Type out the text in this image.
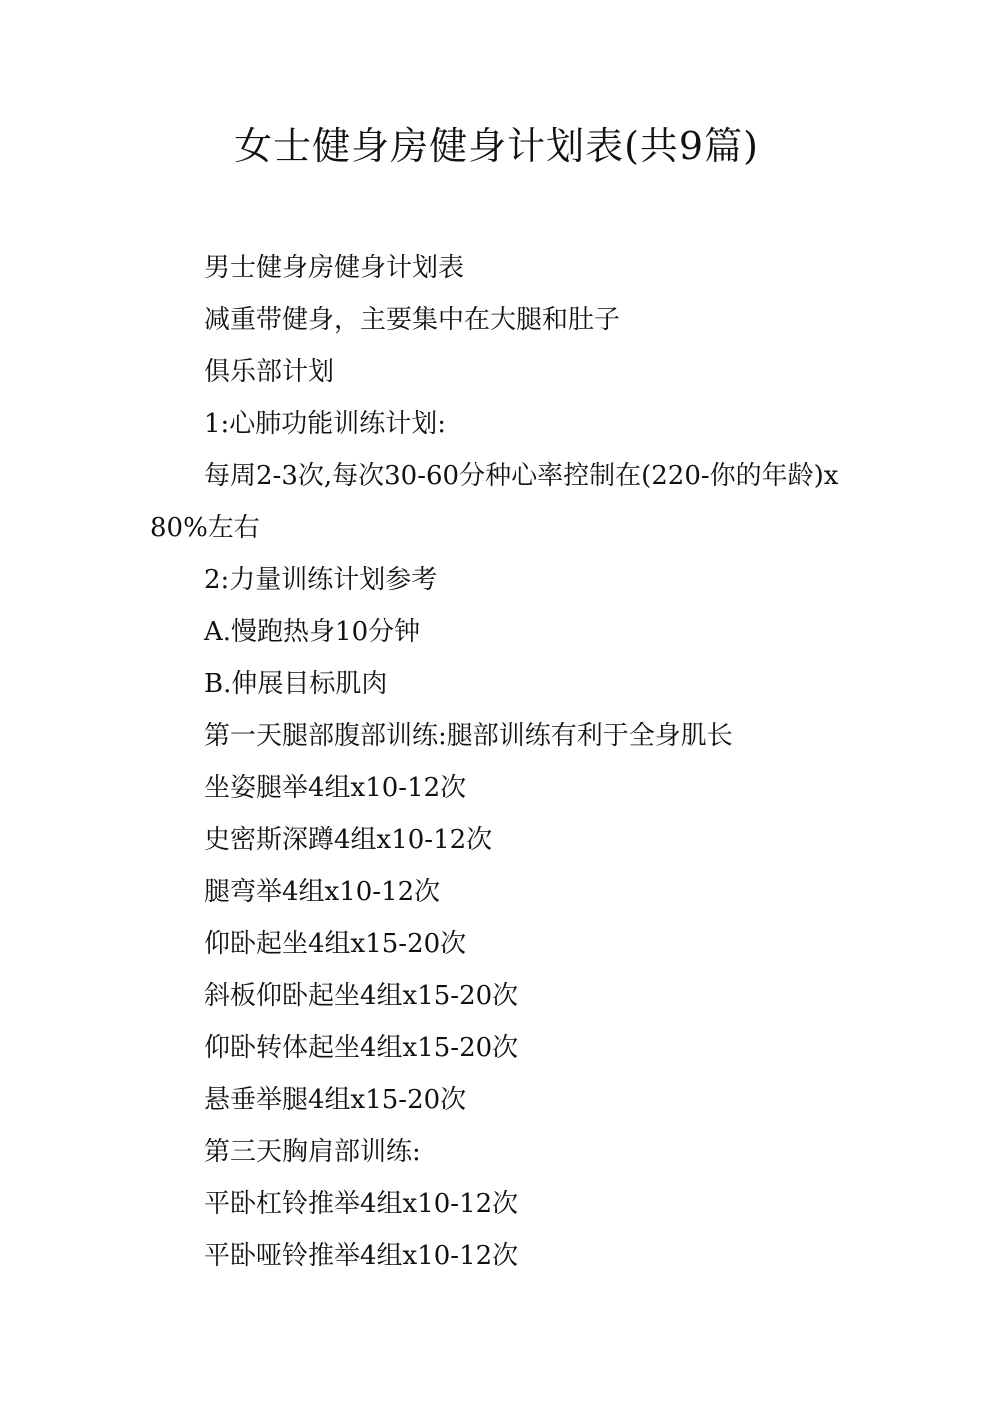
女士健身房健身计划表(共9篇)

男士健身房健身计划表

减重带健身，主要集中在大腿和肚子

俱乐部计划

1:心肺功能训练计划:

每周2-3次,每次30-60分种心率控制在(220-你的年龄)x80%左右

2:力量训练计划参考

A.慢跑热身10分钟

B.伸展目标肌肉

第一天腿部腹部训练:腿部训练有利于全身肌长

坐姿腿举4组x10-12次

史密斯深蹲4组x10-12次

腿弯举4组x10-12次

仰卧起坐4组x15-20次

斜板仰卧起坐4组x15-20次

仰卧转体起坐4组x15-20次

悬垂举腿4组x15-20次

第三天胸肩部训练:

平卧杠铃推举4组x10-12次

平卧哑铃推举4组x10-12次
